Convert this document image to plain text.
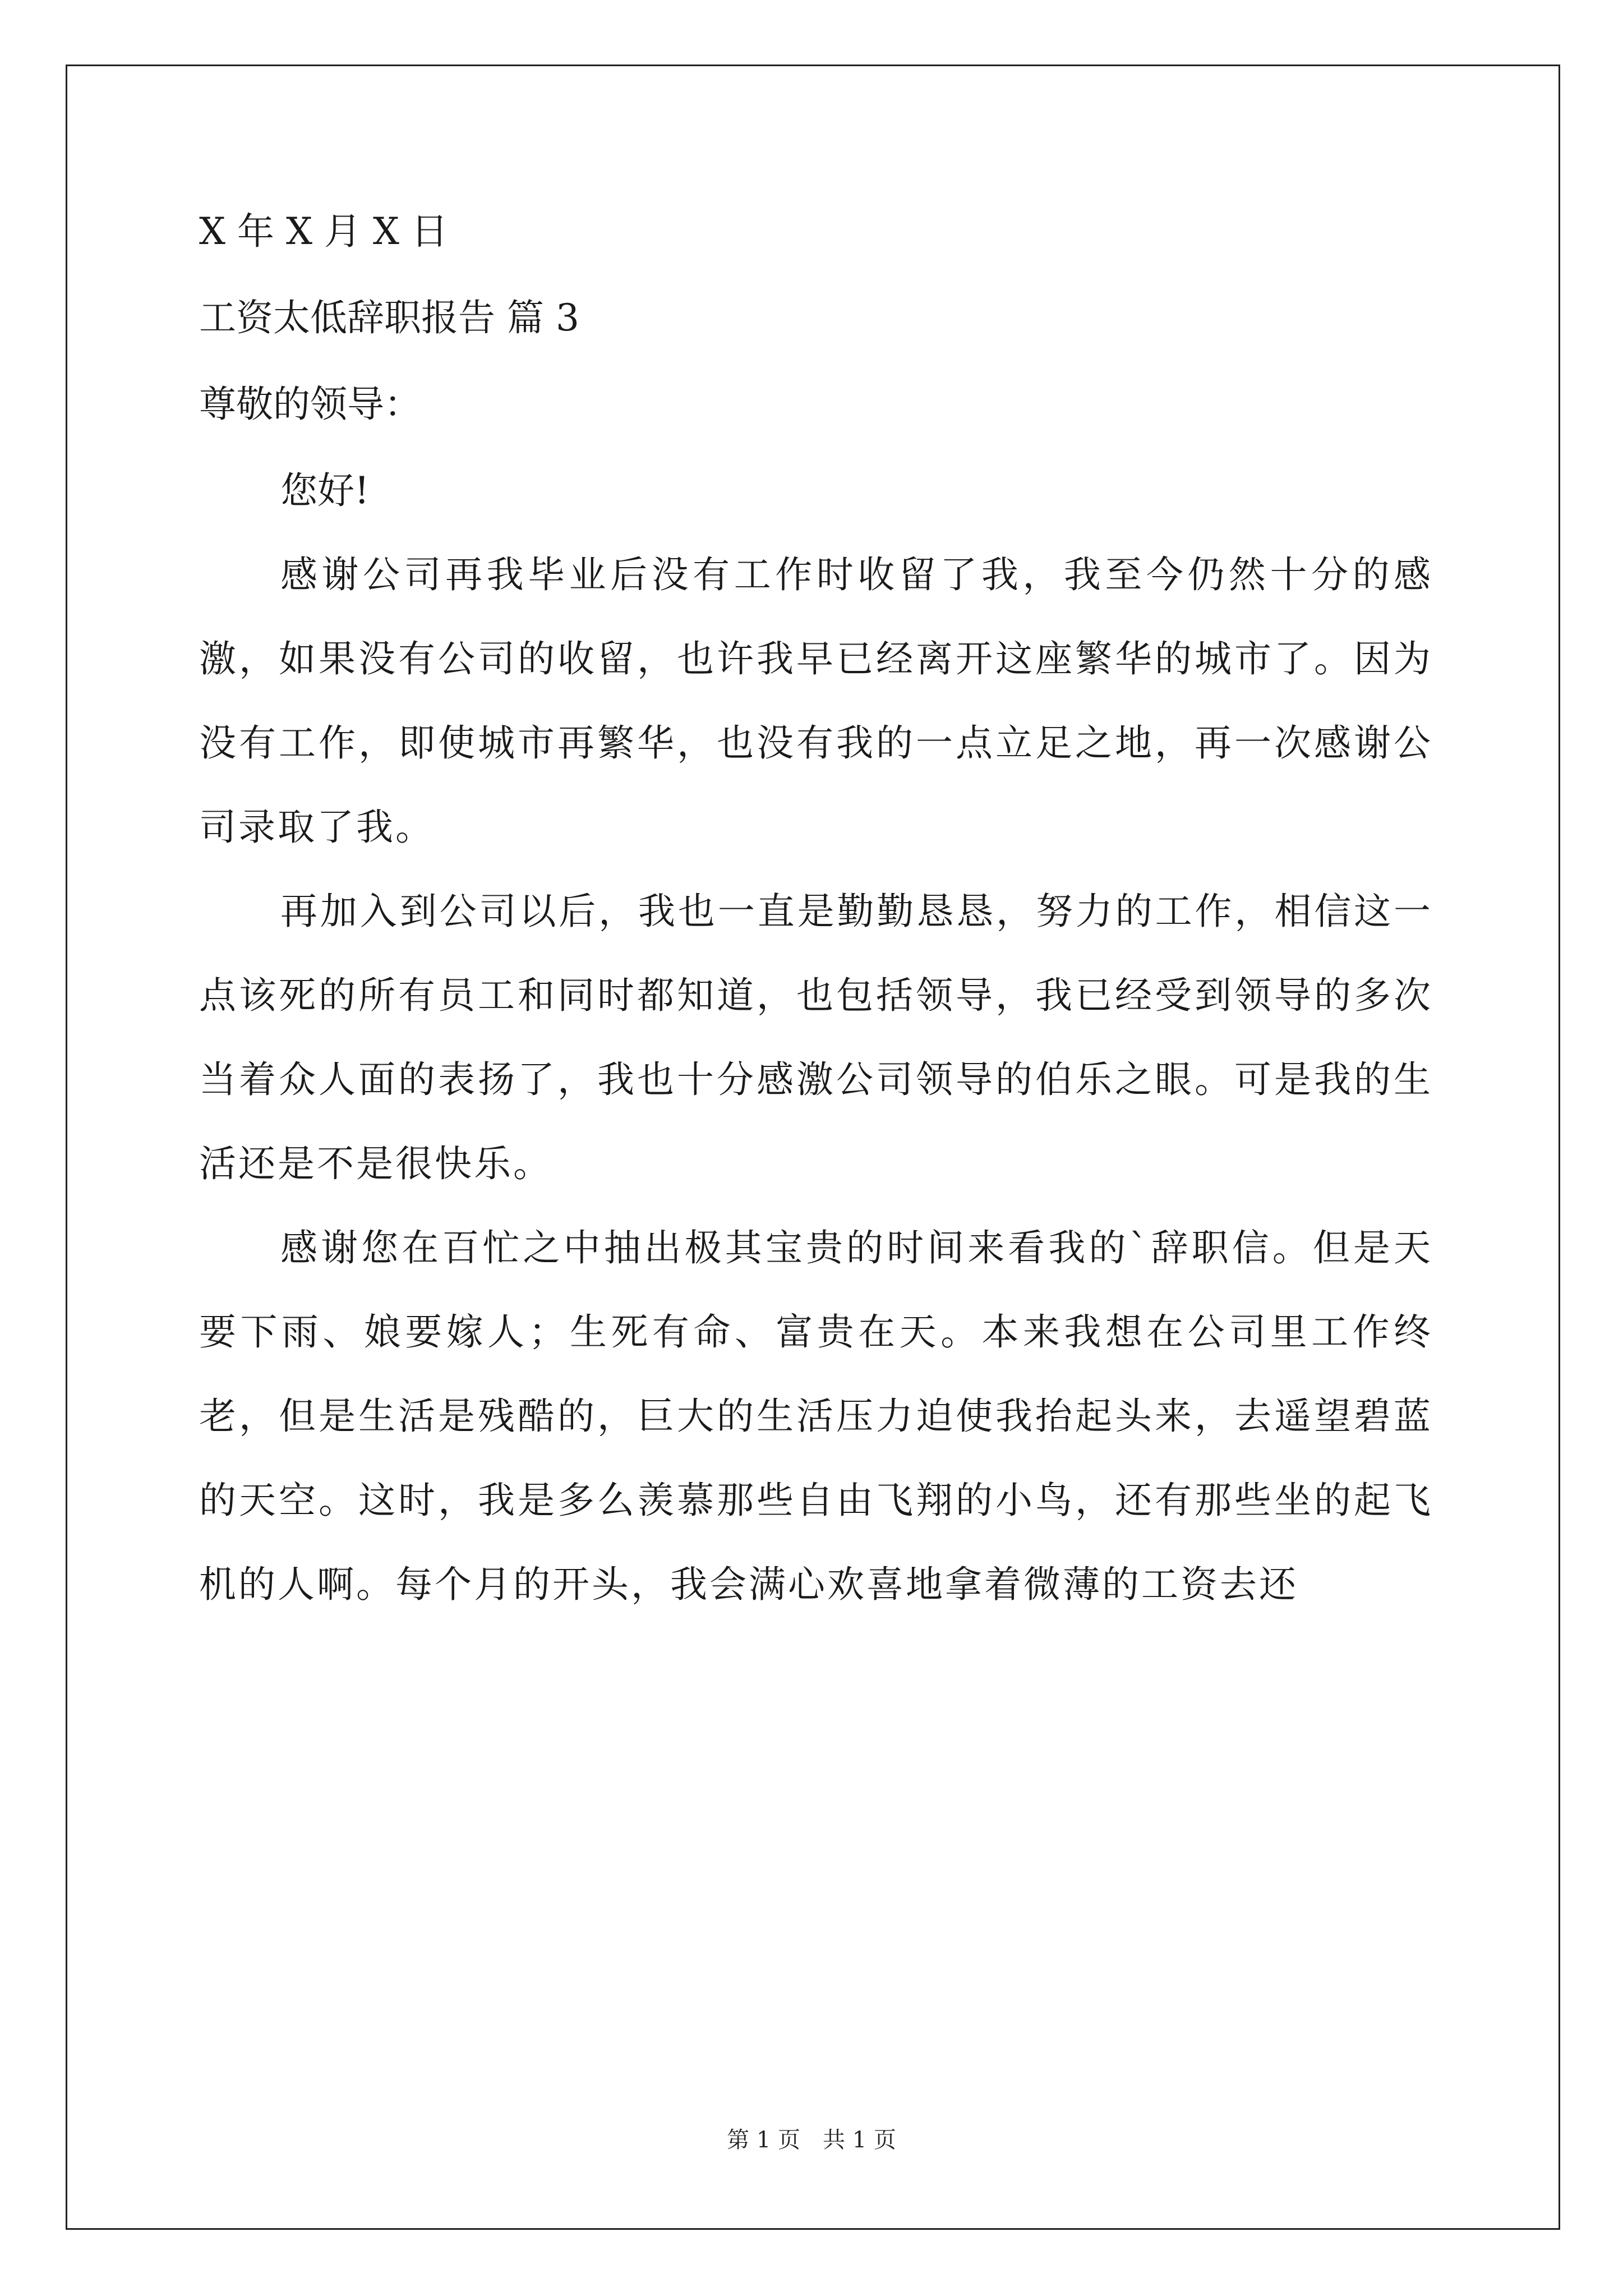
X 年 X 月 X 日
工资太低辞职报告 篇 3
尊敬的领导：
您好!

感谢公司再我毕业后没有工作时收留了我，我至今仍然十分的感激，如果没有公司的收留，也许我早已经离开这座繁华的城市了。因为没有工作，即使城市再繁华，也没有我的一点立足之地，再一次感谢公司录取了我。

再加入到公司以后，我也一直是勤勤恳恳，努力的工作，相信这一点该死的所有员工和同时都知道，也包括领导，我已经受到领导的多次当着众人面的表扬了，我也十分感激公司领导的伯乐之眼。可是我的生活还是不是很快乐。

感谢您在百忙之中抽出极其宝贵的时间来看我的`辞职信。但是天要下雨、娘要嫁人；生死有命、富贵在天。本来我想在公司里工作终老，但是生活是残酷的，巨大的生活压力迫使我抬起头来，去遥望碧蓝的天空。这时，我是多么羡慕那些自由飞翔的小鸟，还有那些坐的起飞机的人啊。每个月的开头，我会满心欢喜地拿着微薄的工资去还

第 1 页　共 1 页
